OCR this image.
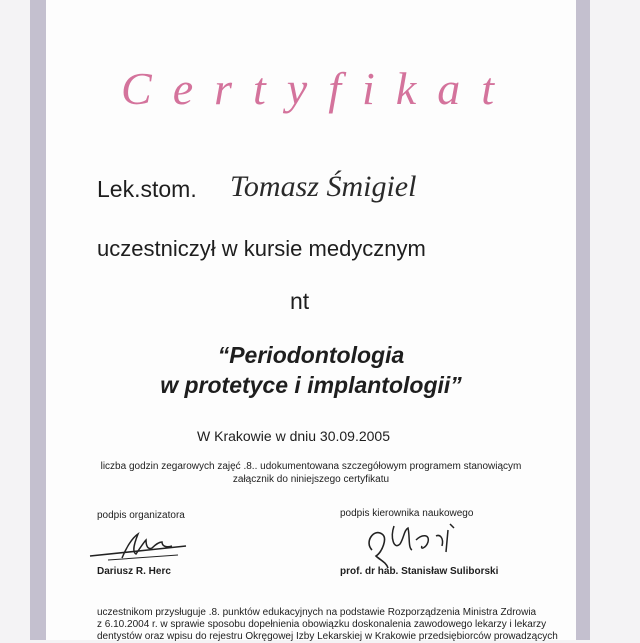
Certyfikat
Lek.stom. Tomasz Śmigiel
uczestniczył w kursie medycznym
nt
“Periodontologia
w protetyce i implantologii”
W Krakowie w dniu 30.09.2005
liczba godzin zegarowych zajęć .8.. udokumentowana szczegółowym programem stanowiącym
załącznik do niniejszego certyfikatu
podpis organizatora	podpis kierownika naukowego
Dariusz R. Herc	prof. dr hab. Stanisław Suliborski
uczestnikom przysługuje .8. punktów edukacyjnych na podstawie Rozporządzenia Ministra Zdrowia
z 6.10.2004 r. w sprawie sposobu dopełnienia obowiązku doskonalenia zawodowego lekarzy i lekarzy
dentystów oraz wpisu do rejestru Okręgowej Izby Lekarskiej w Krakowie przedsiębiorców prowadzących
